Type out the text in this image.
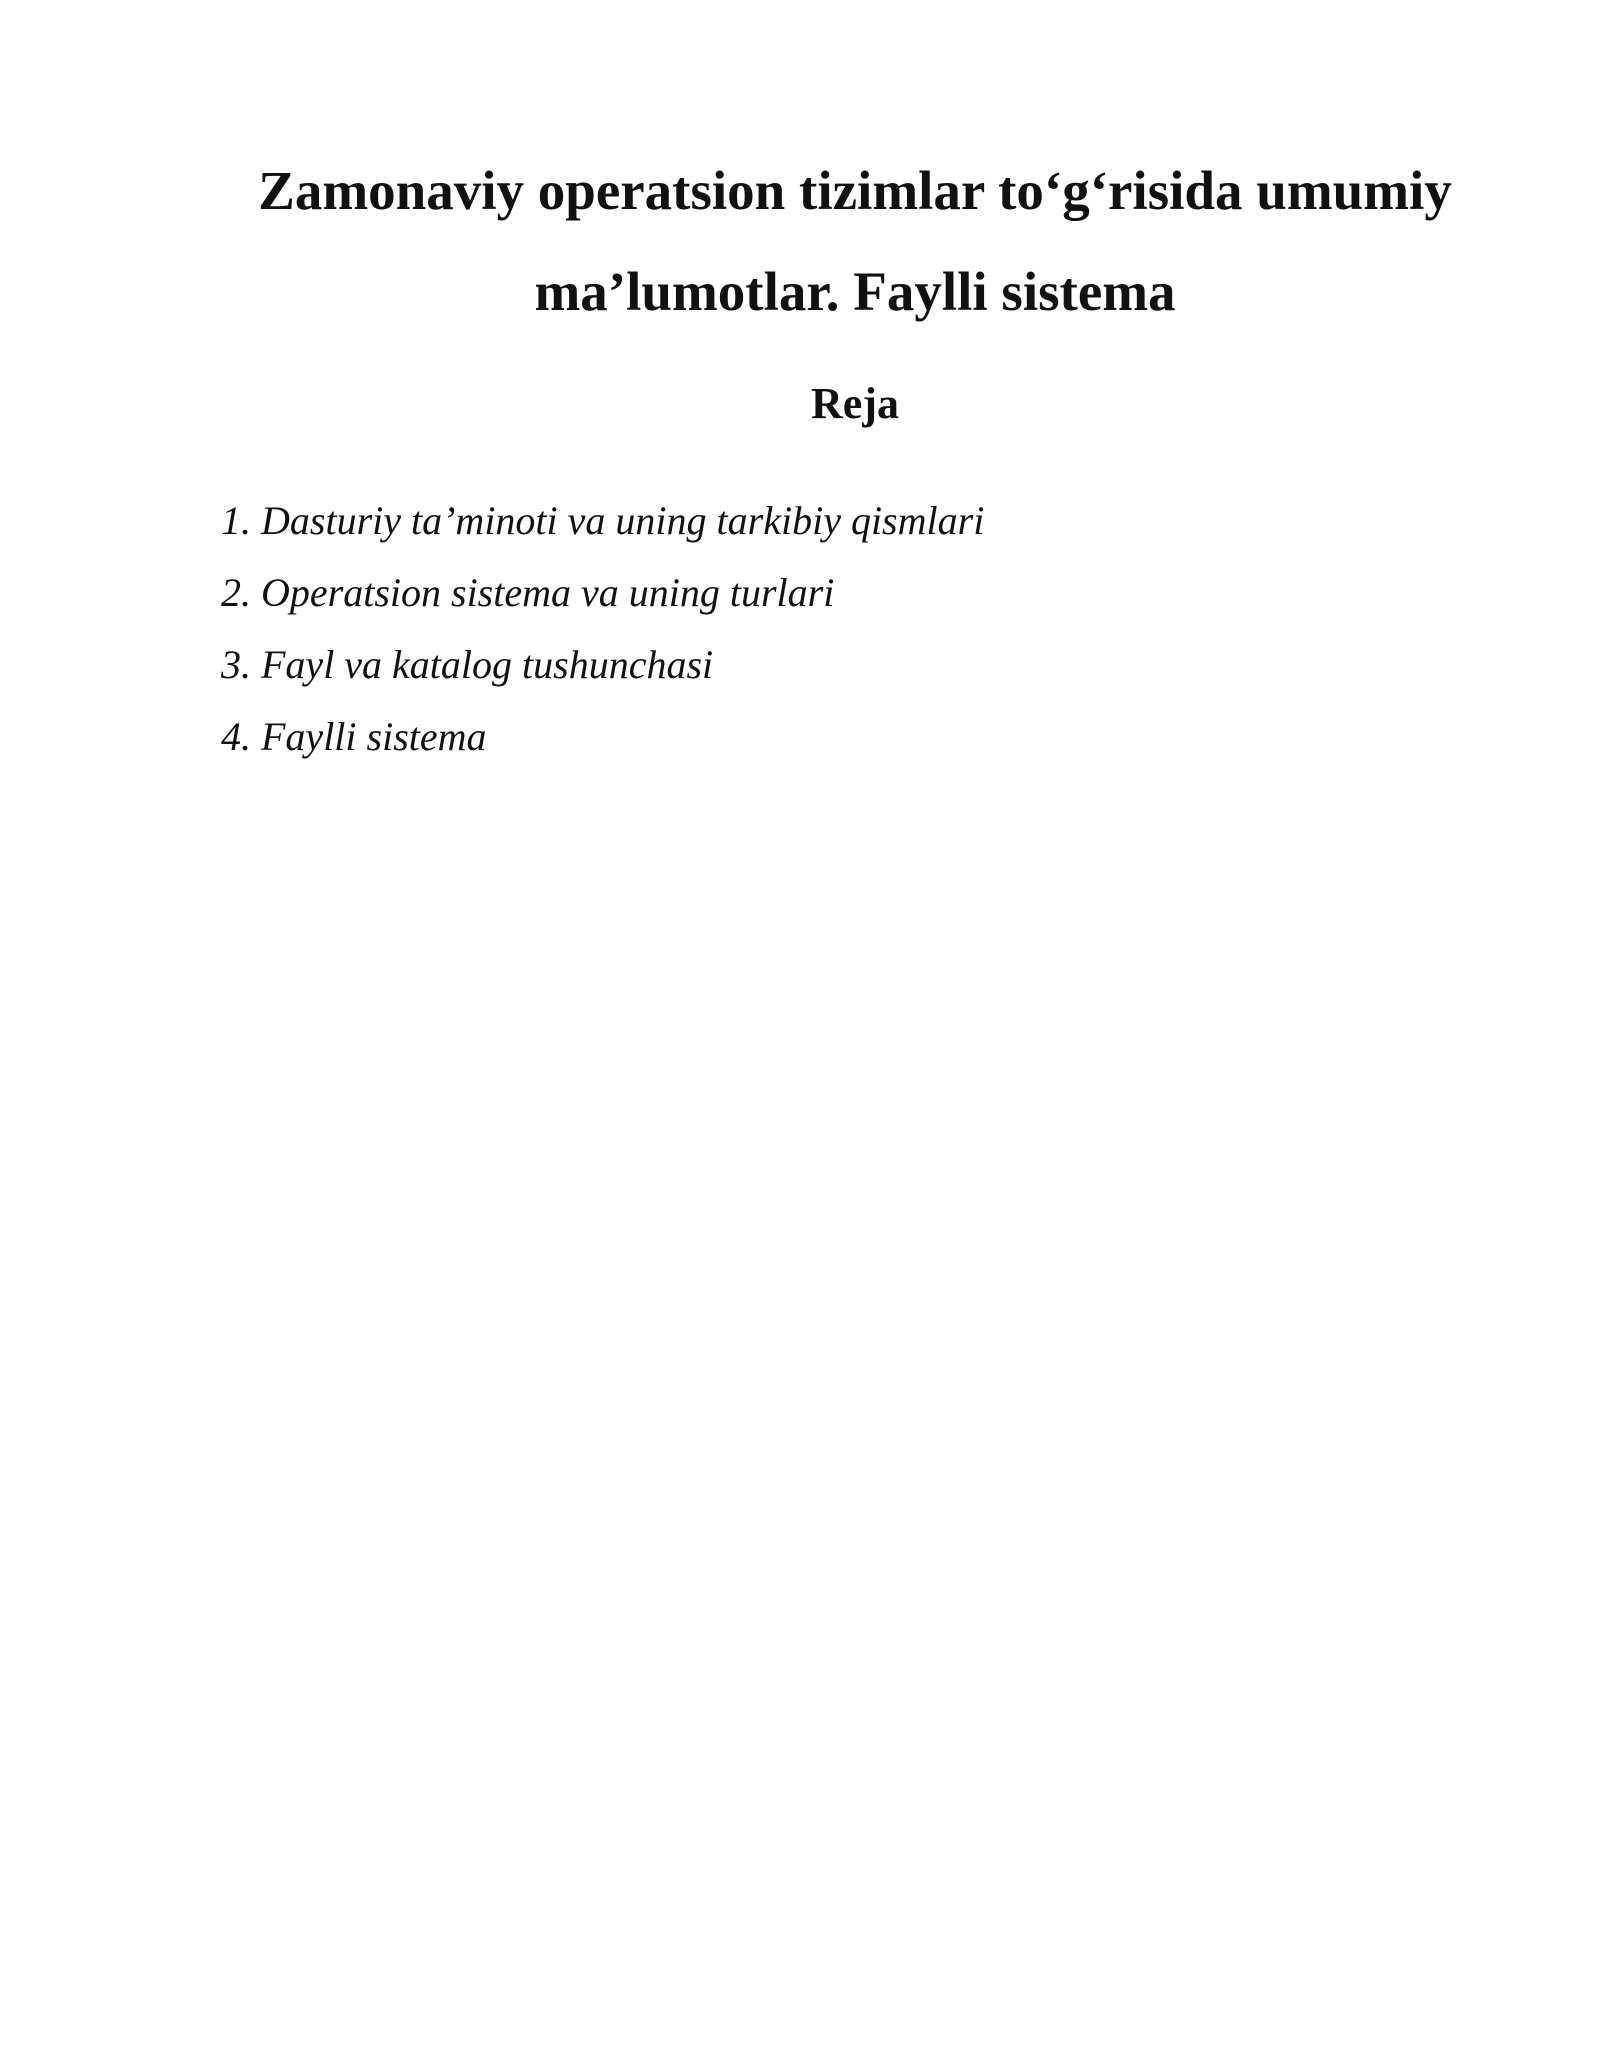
Zamonaviy operatsion tizimlar to‘g‘risida umumiy
ma’lumotlar. Faylli sistema
Reja
1. Dasturiy ta’minoti va uning tarkibiy qismlari
2. Operatsion sistema va uning turlari
3. Fayl va katalog tushunchasi
4. Faylli sistema
